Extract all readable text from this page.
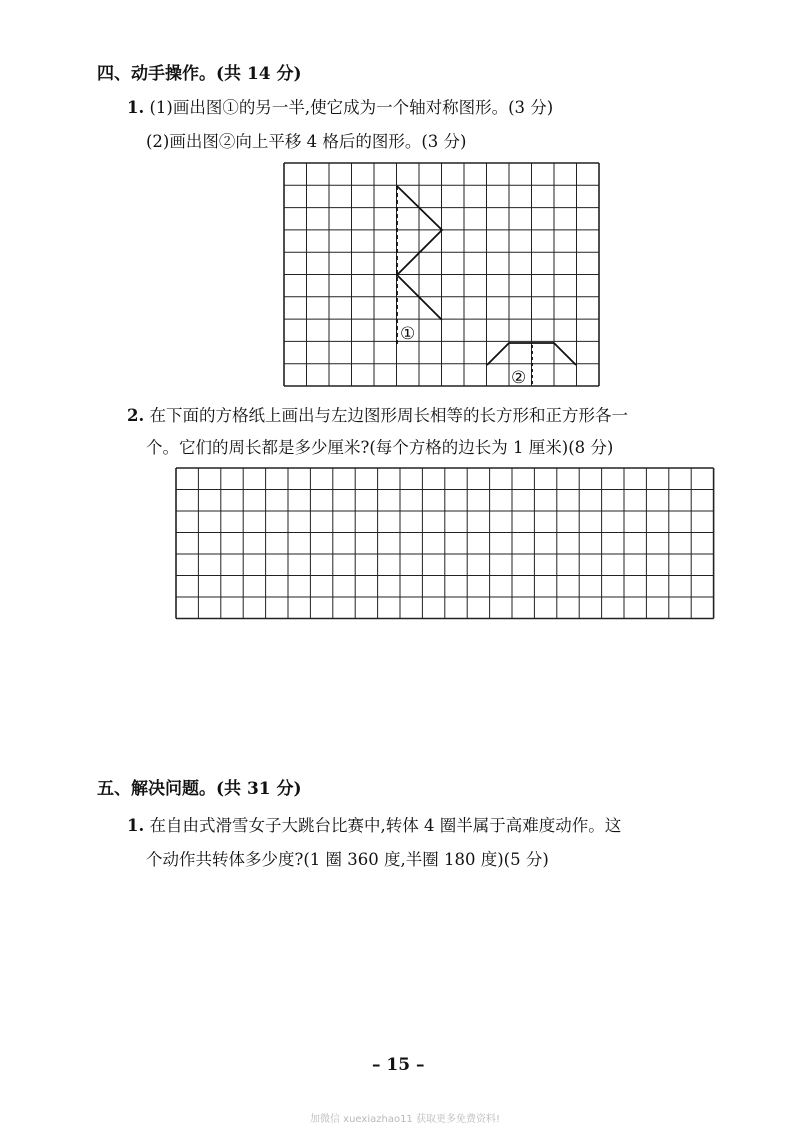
四、动手操作。(共 14 分)
1. (1)画出图①的另一半,使它成为一个轴对称图形。(3 分)
(2)画出图②向上平移 4 格后的图形。(3 分)
①
②
2. 在下面的方格纸上画出与左边图形周长相等的长方形和正方形各一
个。它们的周长都是多少厘米?(每个方格的边长为 1 厘米)(8 分)
五、解决问题。(共 31 分)
1. 在自由式滑雪女子大跳台比赛中,转体 4 圈半属于高难度动作。这
个动作共转体多少度?(1 圈 360 度,半圈 180 度)(5 分)
– 15 –
加微信 xuexiazhao11 获取更多免费资料!
